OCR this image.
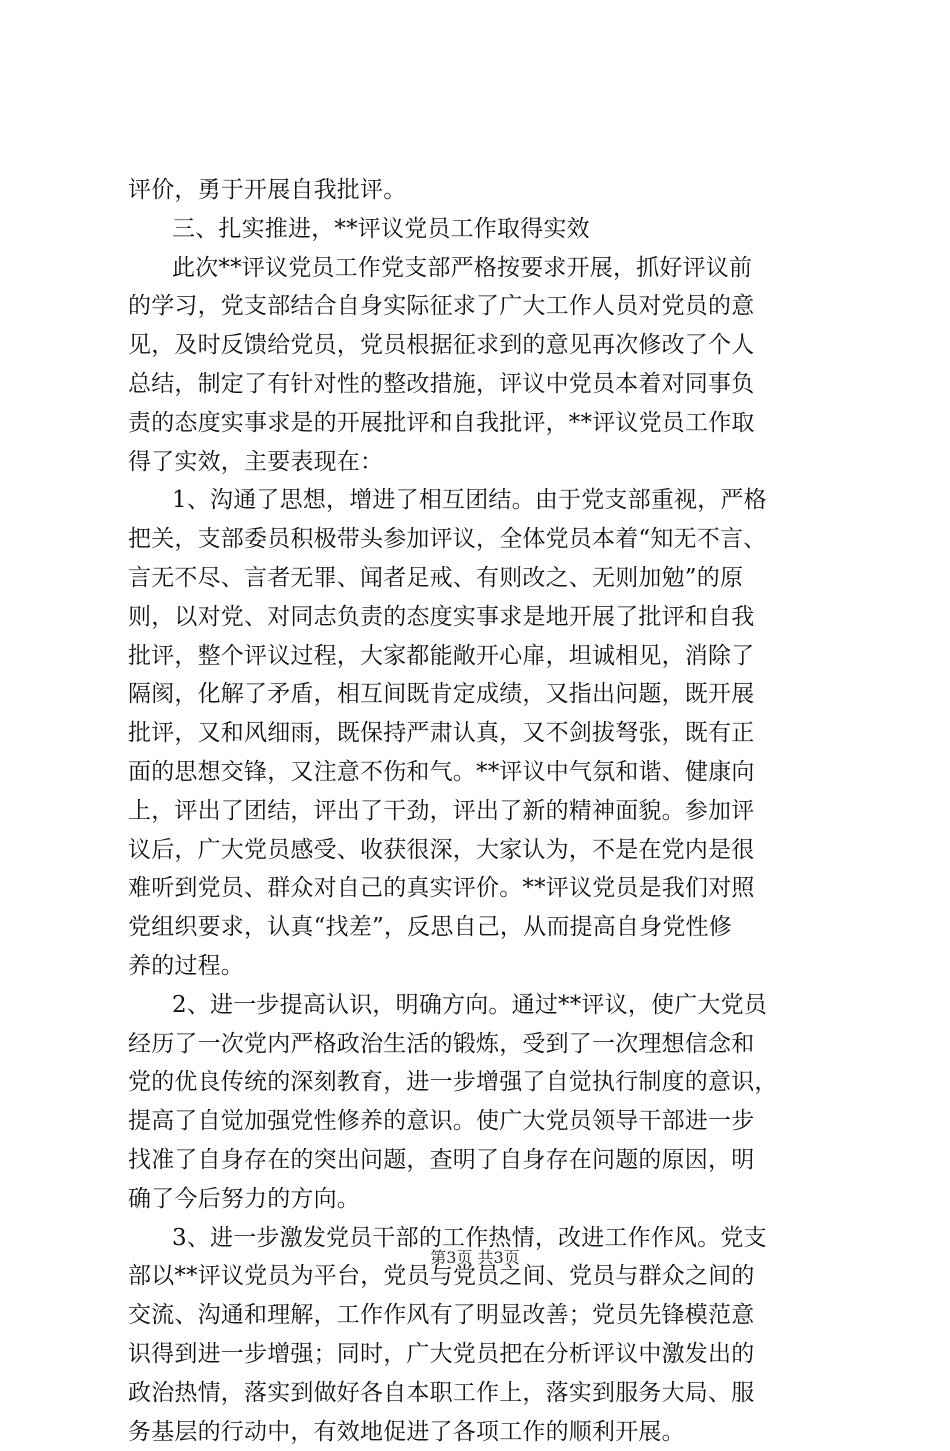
评价，勇于开展自我批评。
三、扎实推进，**评议党员工作取得实效
此次**评议党员工作党支部严格按要求开展，抓好评议前
的学习，党支部结合自身实际征求了广大工作人员对党员的意
见，及时反馈给党员，党员根据征求到的意见再次修改了个人
总结，制定了有针对性的整改措施，评议中党员本着对同事负
责的态度实事求是的开展批评和自我批评，**评议党员工作取
得了实效，主要表现在：
1、沟通了思想，增进了相互团结。由于党支部重视，严格
把关，支部委员积极带头参加评议，全体党员本着“知无不言、
言无不尽、言者无罪、闻者足戒、有则改之、无则加勉”的原
则，以对党、对同志负责的态度实事求是地开展了批评和自我
批评，整个评议过程，大家都能敞开心扉，坦诚相见，消除了
隔阂，化解了矛盾，相互间既肯定成绩，又指出问题，既开展
批评，又和风细雨，既保持严肃认真，又不剑拔弩张，既有正
面的思想交锋，又注意不伤和气。**评议中气氛和谐、健康向
上，评出了团结，评出了干劲，评出了新的精神面貌。参加评
议后，广大党员感受、收获很深，大家认为，不是在党内是很
难听到党员、群众对自己的真实评价。**评议党员是我们对照
党组织要求，认真“找差”，反思自己，从而提高自身党性修
养的过程。
2、进一步提高认识，明确方向。通过**评议，使广大党员
经历了一次党内严格政治生活的锻炼，受到了一次理想信念和
党的优良传统的深刻教育，进一步增强了自觉执行制度的意识，
提高了自觉加强党性修养的意识。使广大党员领导干部进一步
找准了自身存在的突出问题，查明了自身存在问题的原因，明
确了今后努力的方向。
3、进一步激发党员干部的工作热情，改进工作作风。党支
部以**评议党员为平台，党员与党员之间、党员与群众之间的
交流、沟通和理解，工作作风有了明显改善；党员先锋模范意
识得到进一步增强；同时，广大党员把在分析评议中激发出的
政治热情，落实到做好各自本职工作上，落实到服务大局、服
务基层的行动中，有效地促进了各项工作的顺利开展。
第3页 共3页
